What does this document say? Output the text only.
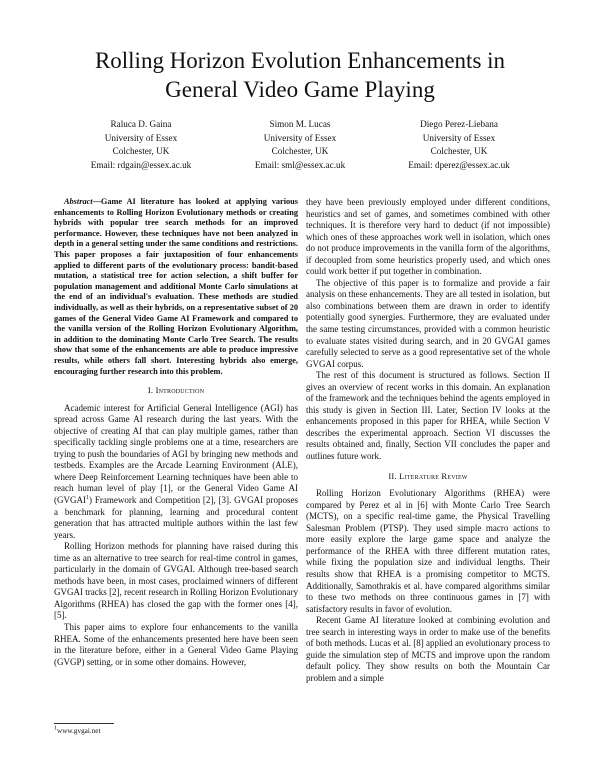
Rolling Horizon Evolution Enhancements in
General Video Game Playing
Raluca D. Gaina
University of Essex
Colchester, UK
Email: rdgain@essex.ac.uk
Simon M. Lucas
University of Essex
Colchester, UK
Email: sml@essex.ac.uk
Diego Perez-Liebana
University of Essex
Colchester, UK
Email: dperez@essex.ac.uk

Abstract—Game AI literature has looked at applying various enhancements to Rolling Horizon Evolutionary methods or creating hybrids with popular tree search methods for an improved performance. However, these techniques have not been analyzed in depth in a general setting under the same conditions and restrictions. This paper proposes a fair juxtaposition of four enhancements applied to different parts of the evolutionary process: bandit-based mutation, a statistical tree for action selection, a shift buffer for population management and additional Monte Carlo simulations at the end of an individual's evaluation. These methods are studied individually, as well as their hybrids, on a representative subset of 20 games of the General Video Game AI Framework and compared to the vanilla version of the Rolling Horizon Evolutionary Algorithm, in addition to the dominating Monte Carlo Tree Search. The results show that some of the enhancements are able to produce impressive results, while others fall short. Interesting hybrids also emerge, encouraging further research into this problem.

I. Introduction

Academic interest for Artificial General Intelligence (AGI) has spread across Game AI research during the last years. With the objective of creating AI that can play multiple games, rather than specifically tackling single problems one at a time, researchers are trying to push the boundaries of AGI by bringing new methods and testbeds. Examples are the Arcade Learning Environment (ALE), where Deep Reinforcement Learning techniques have been able to reach human level of play [1], or the General Video Game AI (GVGAI$^1$) Framework and Competition [2], [3]. GVGAI proposes a benchmark for planning, learning and procedural content generation that has attracted multiple authors within the last few years.

Rolling Horizon methods for planning have raised during this time as an alternative to tree search for real-time control in games, particularly in the domain of GVGAI. Although tree-based search methods have been, in most cases, proclaimed winners of different GVGAI tracks [2], recent research in Rolling Horizon Evolutionary Algorithms (RHEA) has closed the gap with the former ones [4], [5].

This paper aims to explore four enhancements to the vanilla RHEA. Some of the enhancements presented here have been seen in the literature before, either in a General Video Game Playing (GVGP) setting, or in some other domains. However,

$^1$www.gvgai.net

they have been previously employed under different conditions, heuristics and set of games, and sometimes combined with other techniques. It is therefore very hard to deduct (if not impossible) which ones of these approaches work well in isolation, which ones do not produce improvements in the vanilla form of the algorithms, if decoupled from some heuristics properly used, and which ones could work better if put together in combination.

The objective of this paper is to formalize and provide a fair analysis on these enhancements. They are all tested in isolation, but also combinations between them are drawn in order to identify potentially good synergies. Furthermore, they are evaluated under the same testing circumstances, provided with a common heuristic to evaluate states visited during search, and in 20 GVGAI games carefully selected to serve as a good representative set of the whole GVGAI corpus.

The rest of this document is structured as follows. Section II gives an overview of recent works in this domain. An explanation of the framework and the techniques behind the agents employed in this study is given in Section III. Later, Section IV looks at the enhancements proposed in this paper for RHEA, while Section V describes the experimental approach. Section VI discusses the results obtained and, finally, Section VII concludes the paper and outlines future work.

II. Literature Review

Rolling Horizon Evolutionary Algorithms (RHEA) were compared by Perez et al in [6] with Monte Carlo Tree Search (MCTS), on a specific real-time game, the Physical Travelling Salesman Problem (PTSP). They used simple macro actions to more easily explore the large game space and analyze the performance of the RHEA with three different mutation rates, while fixing the population size and individual lengths. Their results show that RHEA is a promising competitor to MCTS. Additionally, Samothrakis et al. have compared algorithms similar to these two methods on three continuous games in [7] with satisfactory results in favor of evolution.

Recent Game AI literature looked at combining evolution and tree search in interesting ways in order to make use of the benefits of both methods. Lucas et al. [8] applied an evolutionary process to guide the simulation step of MCTS and improve upon the random default policy. They show results on both the Mountain Car problem and a simple
